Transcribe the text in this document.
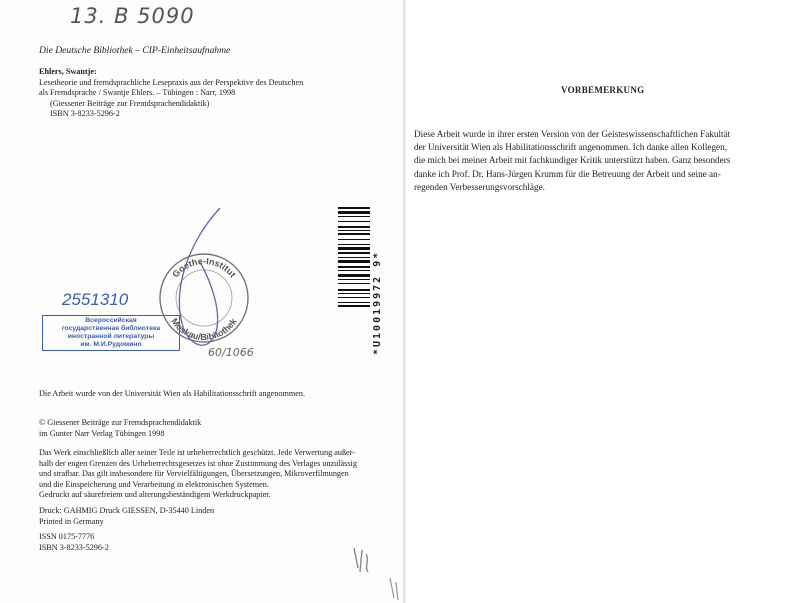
13. B 5090
Die Deutsche Bibliothek – CIP-Einheitsaufnahme
Ehlers, Swantje:
Lesetheorie und fremdsprachliche Lesepraxis aus der Perspektive des Deutschen
als Fremdsprache / Swantje Ehlers. – Tübingen : Narr, 1998
(Giessener Beiträge zur Fremdsprachendidaktik)
ISBN 3-8233-5296-2
2551310
Всероссийская
государственная библиотека
иностранной литературы
им. М.И.Рудомино
Goethe-Institut
Moskau/Bibliothek
60/1066	*U10019972 9*
Die Arbeit wurde von der Universität Wien als Habilitationsschrift angenommen.
© Giessener Beiträge zur Fremdsprachendidaktik
im Gunter Narr Verlag Tübingen 1998
Das Werk einschließlich aller seiner Teile ist urheberrechtlich geschützt. Jede Verwertung außer-
halb der engen Grenzen des Urheberrechtsgesetzes ist ohne Zustimmung des Verlages unzulässig
und strafbar. Das gilt insbesondere für Vervielfältigungen, Übersetzungen, Mikroverfilmungen
und die Einspeicherung und Verarbeitung in elektronischen Systemen.
Gedruckt auf säurefreiem und alterungsbeständigem Werkdruckpapier.
Druck: GAHMIG Druck GIESSEN, D-35440 Linden
Printed in Germany
ISSN 0175-7776
ISBN 3-8233-5296-2
VORBEMERKUNG
Diese Arbeit wurde in ihrer ersten Version von der Geisteswissenschaftlichen Fakultät
der Universität Wien als Habilitationsschrift angenommen. Ich danke allen Kollegen,
die mich bei meiner Arbeit mit fachkundiger Kritik unterstützt haben. Ganz besonders
danke ich Prof. Dr. Hans-Jürgen Krumm für die Betreuung der Arbeit und seine an-
regenden Verbesserungsvorschläge.
